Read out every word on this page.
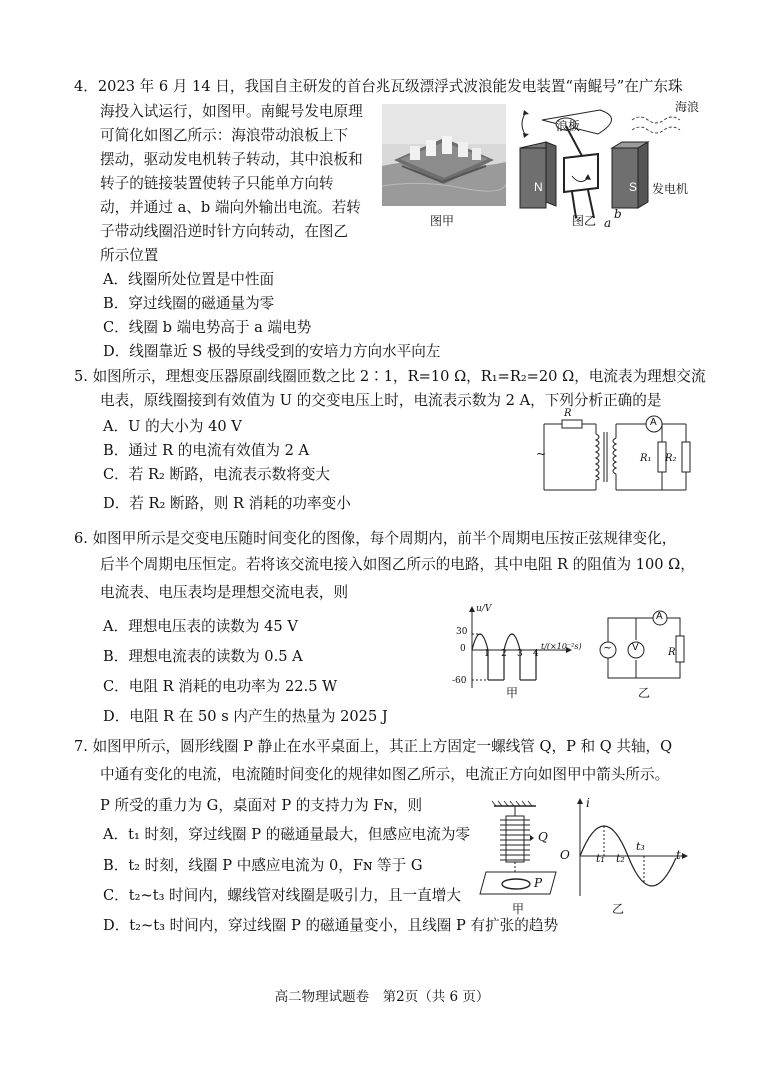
4．2023 年 6 月 14 日，我国自主研发的首台兆瓦级漂浮式波浪能发电装置“南鲲号”在广东珠
海投入试运行，如图甲。南鲲号发电原理
可简化如图乙所示：海浪带动浪板上下
摆动，驱动发电机转子转动，其中浪板和
转子的链接装置使转子只能单方向转
动，并通过 a、b 端向外输出电流。若转
子带动线圈沿逆时针方向转动，在图乙
所示位置
A．线圈所处位置是中性面
B．穿过线圈的磁通量为零
C．线圈 b 端电势高于 a 端电势
D．线圈靠近 S 极的导线受到的安培力方向水平向左
图甲
海浪
浪板
N	S 发电机
图乙 a
b
5. 如图所示，理想变压器原副线圈匝数之比 2∶1，R=10 Ω，R₁=R₂=20 Ω，电流表为理想交流
电表，原线圈接到有效值为 U 的交变电压上时，电流表示数为 2 A，下列分析正确的是
A．U 的大小为 40 V
B．通过 R 的电流有效值为 2 A
C．若 R₂ 断路，电流表示数将变大
D．若 R₂ 断路，则 R 消耗的功率变小
R
A
R₁ R₂
~
6. 如图甲所示是交变电压随时间变化的图像，每个周期内，前半个周期电压按正弦规律变化，
后半个周期电压恒定。若将该交流电接入如图乙所示的电路，其中电阻 R 的阻值为 100 Ω，
电流表、电压表均是理想交流电表，则
A．理想电压表的读数为 45 V
B．理想电流表的读数为 0.5 A
C．电阻 R 消耗的电功率为 22.5 W
D．电阻 R 在 50 s 内产生的热量为 2025 J
u/V
30
0
-60
1 2 3 4
t/(×10⁻²s)
甲
~ V
A
R
乙
7. 如图甲所示，圆形线圈 P 静止在水平桌面上，其正上方固定一螺线管 Q，P 和 Q 共轴，Q
中通有变化的电流，电流随时间变化的规律如图乙所示，电流正方向如图甲中箭头所示。
P 所受的重力为 G，桌面对 P 的支持力为 Fɴ，则
A．t₁ 时刻，穿过线圈 P 的磁通量最大，但感应电流为零
B．t₂ 时刻，线圈 P 中感应电流为 0，Fɴ 等于 G
C．t₂~t₃ 时间内，螺线管对线圈是吸引力，且一直增大
D．t₂~t₃ 时间内，穿过线圈 P 的磁通量变小，且线圈 P 有扩张的趋势
Q
P
甲
i
O	t
t₁ t₂
t₃
乙
高二物理试题卷　第2页（共 6 页）
